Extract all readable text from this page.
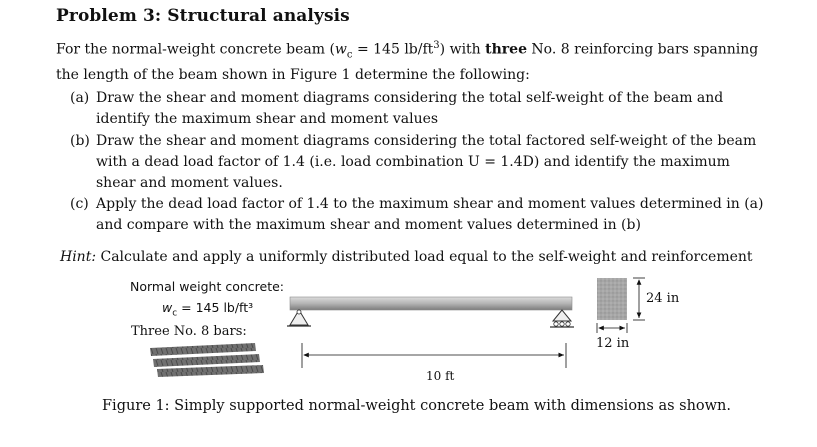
Problem 3: Structural analysis
For the normal-weight concrete beam ($w_c = 145$ $lb/ft^3$) with three No. 8 reinforcing bars spanning the length of the beam shown in Figure 1 determine the following:
(a) Draw the shear and moment diagrams considering the total self-weight of the beam and identify the maximum shear and moment values
(b) Draw the shear and moment diagrams considering the total factored self-weight of the beam with a dead load factor of 1.4 (i.e. load combination U = 1.4D) and identify the maximum shear and moment values.
(c) Apply the dead load factor of 1.4 to the maximum shear and moment values determined in (a) and compare with the maximum shear and moment values determined in (b)
Hint: Calculate and apply a uniformly distributed load equal to the self-weight and reinforcement
Normal weight concrete:
$w_c = 145$ lb/ft³
Three No. 8 bars:
24 in
12 in
10 ft
Figure 1: Simply supported normal-weight concrete beam with dimensions as shown.
